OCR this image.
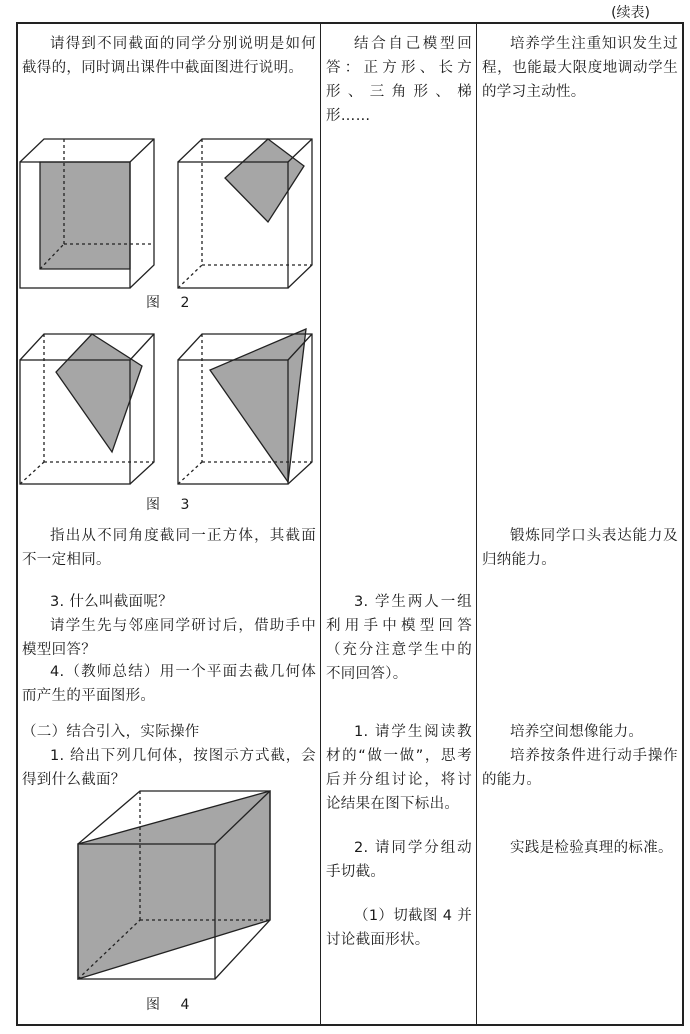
(续表)
请得到不同截面的同学分别说明是如何截得的，同时调出课件中截面图进行说明。
图 2
图 3
指出从不同角度截同一正方体，其截面不一定相同。
3. 什么叫截面呢？
请学生先与邻座同学研讨后，借助手中模型回答？
4.（教师总结）用一个平面去截几何体而产生的平面图形。
（二）结合引入，实际操作
1. 给出下列几何体，按图示方式截，会得到什么截面？
图 4
结合自己模型回答：正方形、长方形、三角形、梯形……
3. 学生两人一组利用手中模型回答（充分注意学生中的不同回答）。
1. 请学生阅读教材的“做一做”，思考后并分组讨论，将讨论结果在图下标出。
2. 请同学分组动手切截。
（1）切截图 4 并讨论截面形状。
培养学生注重知识发生过程，也能最大限度地调动学生的学习主动性。
锻炼同学口头表达能力及归纳能力。
培养空间想像能力。
培养按条件进行动手操作的能力。
实践是检验真理的标准。
